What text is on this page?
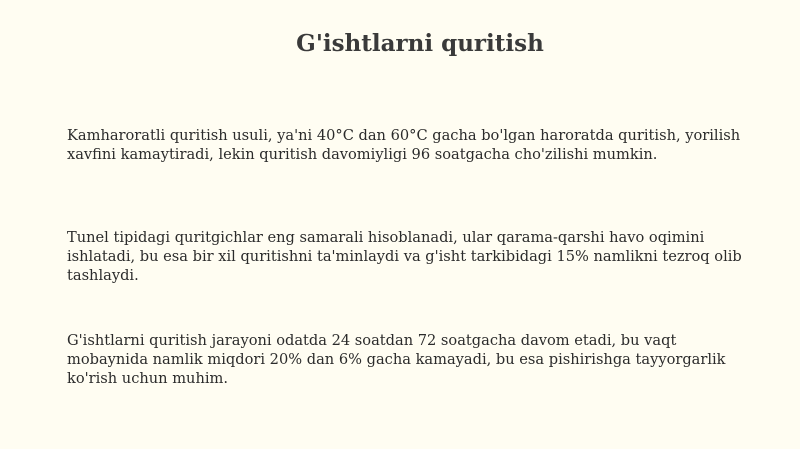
G'ishtlarni quritish

Kamharoratli quritish usuli, ya'ni 40°C dan 60°C gacha bo'lgan haroratda quritish, yorilish xavfini kamaytiradi, lekin quritish davomiyligi 96 soatgacha cho'zilishi mumkin.

Tunel tipidagi quritgichlar eng samarali hisoblanadi, ular qarama-qarshi havo oqimini ishlatadi, bu esa bir xil quritishni ta'minlaydi va g'isht tarkibidagi 15% namlikni tezroq olib tashlaydi.

G'ishtlarni quritish jarayoni odatda 24 soatdan 72 soatgacha davom etadi, bu vaqt mobaynida namlik miqdori 20% dan 6% gacha kamayadi, bu esa pishirishga tayyorgarlik ko'rish uchun muhim.
